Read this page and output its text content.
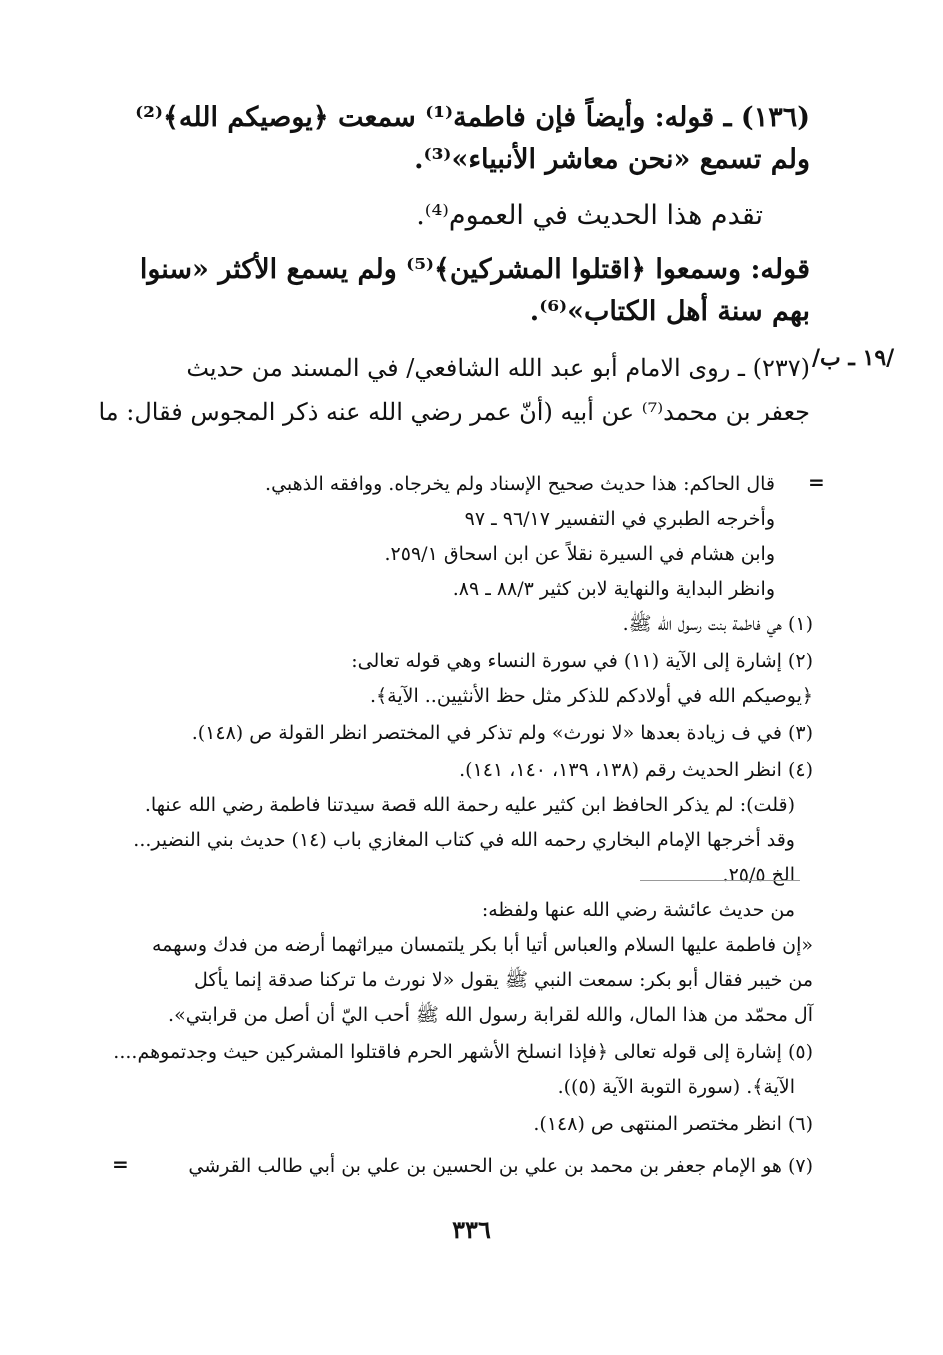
(١٣٦) ـ قوله: وأيضاً فإن فاطمة⁽¹⁾ سمعت ﴿يوصيكم الله﴾⁽²⁾
ولم تسمع «نحن معاشر الأنبياء»⁽³⁾.
تقدم هذا الحديث في العموم⁽⁴⁾.
قوله: وسمعوا ﴿اقتلوا المشركين﴾⁽⁵⁾ ولم يسمع الأكثر «سنوا
بهم سنة أهل الكتاب»⁽⁶⁾.
/١٩ ـ ب/
(٢٣٧) ـ روى الامام أبو عبد الله الشافعي/ في المسند من حديث
جعفر بن محمد⁽⁷⁾ عن أبيه (أنّ عمر رضي الله عنه ذكر المجوس فقال: ما
=
قال الحاكم: هذا حديث صحيح الإسناد ولم يخرجاه. ووافقه الذهبي.
وأخرجه الطبري في التفسير ٩٦/١٧ ـ ٩٧
وابن هشام في السيرة نقلاً عن ابن اسحاق ٢٥٩/١.
وانظر البداية والنهاية لابن كثير ٨٨/٣ ـ ٨٩.
(١) هي فاطمة بنت رسول الله ﷺ.
(٢) إشارة إلى الآية (١١) في سورة النساء وهي قوله تعالى:
﴿يوصيكم الله في أولادكم للذكر مثل حظ الأنثيين.. الآية﴾.
(٣) في ف زيادة بعدها «لا نورث» ولم تذكر في المختصر انظر القولة ص (١٤٨).
(٤) انظر الحديث رقم (١٣٨، ١٣٩، ١٤٠، ١٤١).
(قلت): لم يذكر الحافظ ابن كثير عليه رحمة الله قصة سيدتنا فاطمة رضي الله عنها.
وقد أخرجها الإمام البخاري رحمه الله في كتاب المغازي باب (١٤) حديث بني النضير...
الخ ٢٥/٥.
من حديث عائشة رضي الله عنها ولفظه:
«إن فاطمة عليها السلام والعباس أتيا أبا بكر يلتمسان ميراثهما أرضه من فدك وسهمه
من خيبر فقال أبو بكر: سمعت النبي ﷺ يقول «لا نورث ما تركنا صدقة إنما يأكل
آل محمّد من هذا المال، والله لقرابة رسول الله ﷺ أحب اليّ أن أصل من قرابتي».
(٥) إشارة إلى قوله تعالى ﴿فإذا انسلخ الأشهر الحرم فاقتلوا المشركين حيث وجدتموهم....
الآية﴾. (سورة التوبة الآية (٥)).
(٦) انظر مختصر المنتهى ص (١٤٨).
(٧) هو الإمام جعفر بن محمد بن علي بن الحسين بن علي بن أبي طالب القرشي
=
٣٣٦
